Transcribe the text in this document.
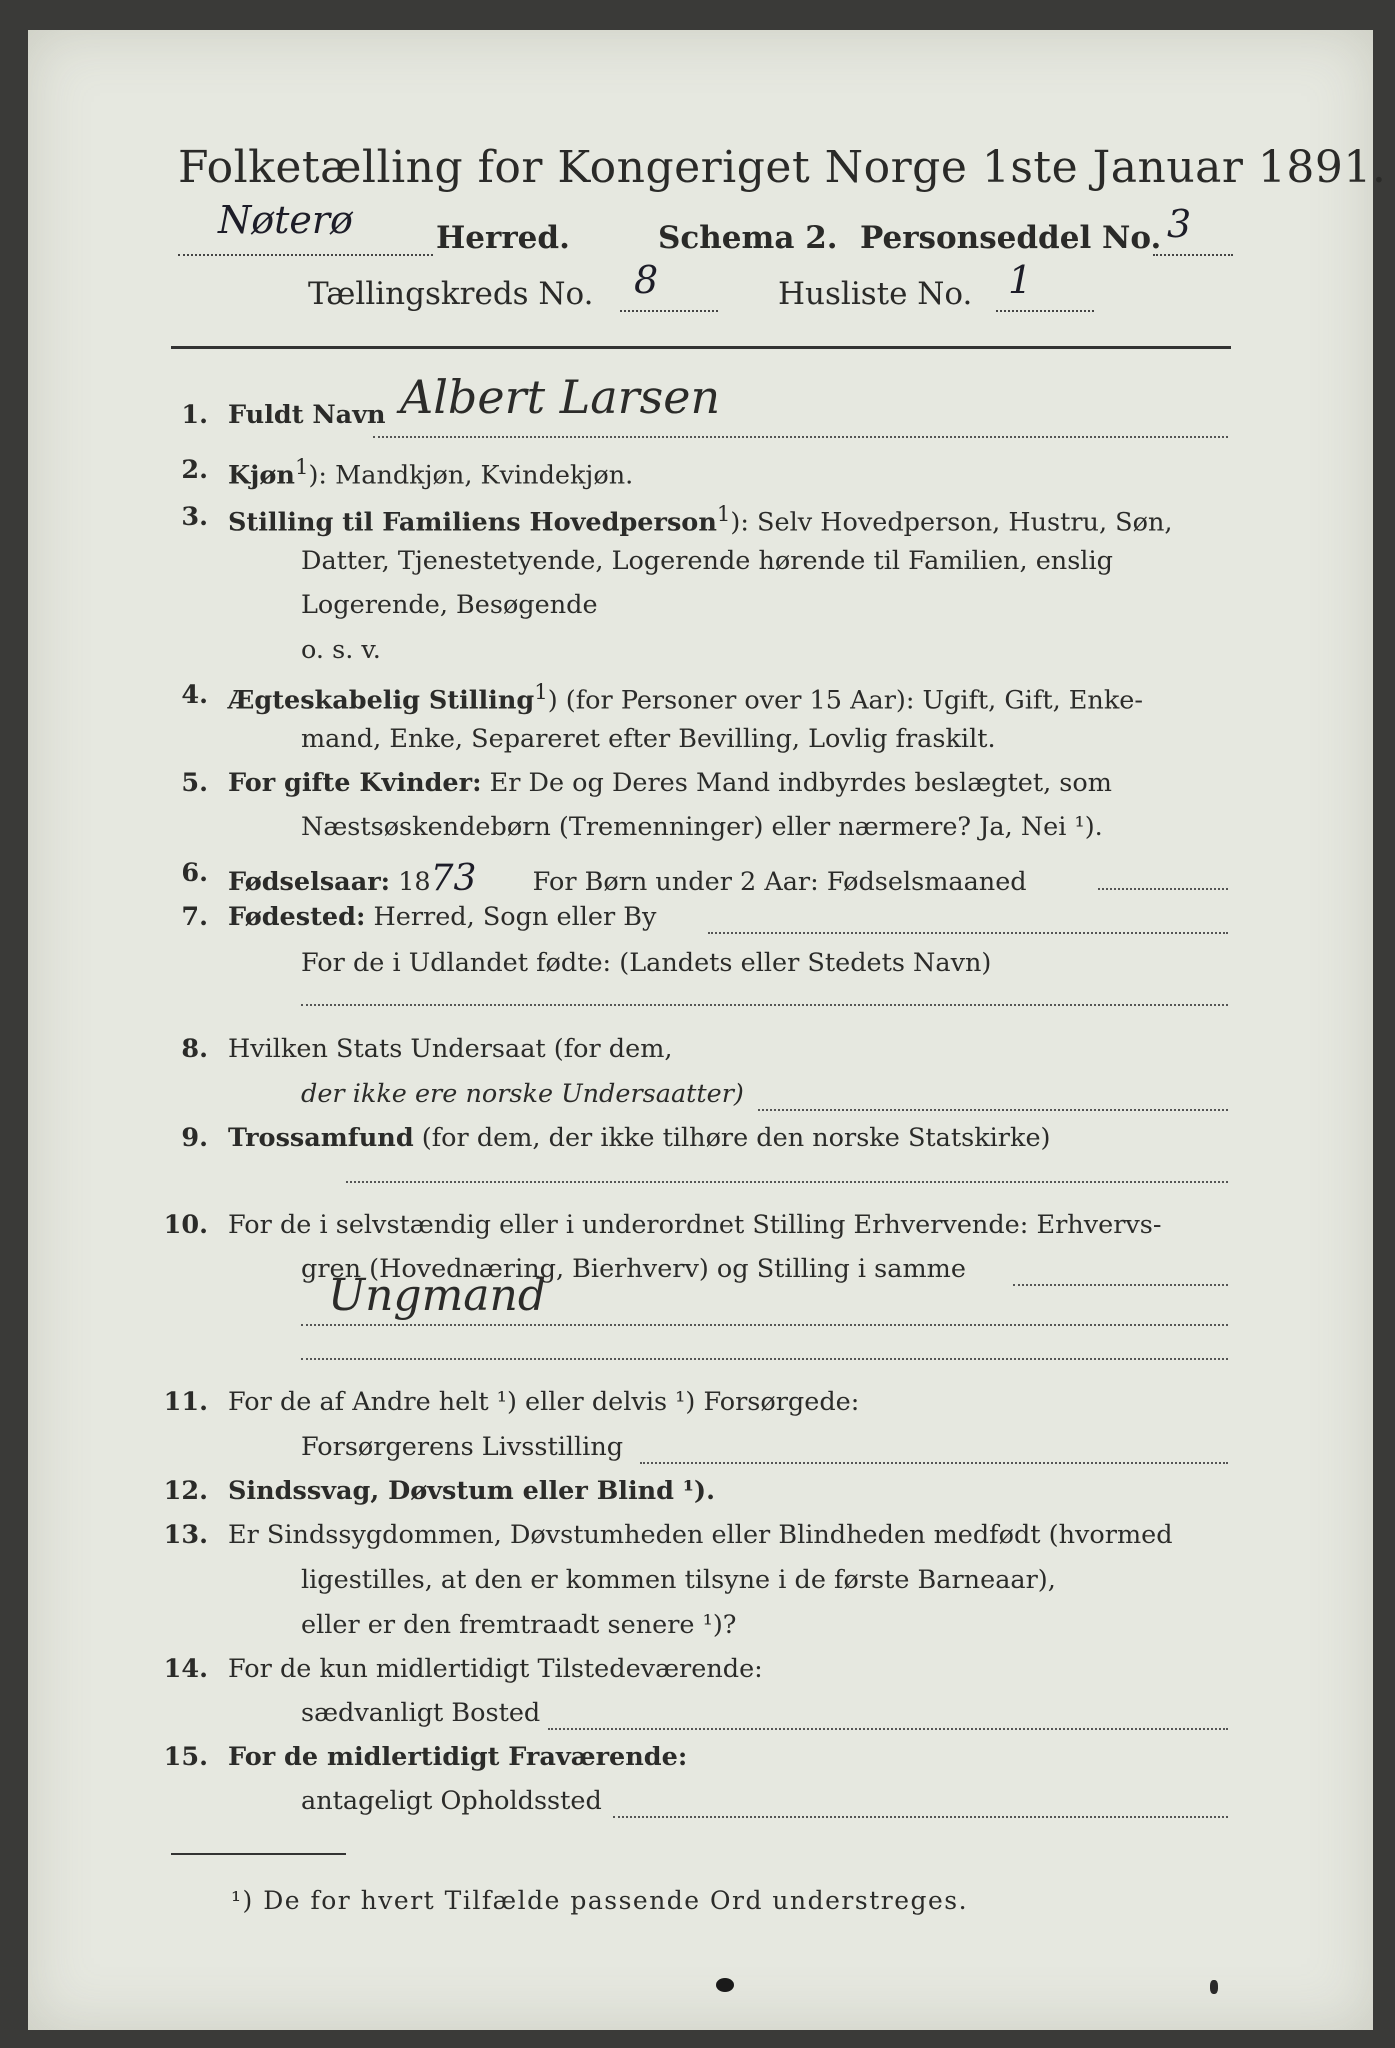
Folketælling for Kongeriget Norge 1ste Januar 1891.
Nøterø	Herred.	Schema 2. Personseddel No. 3
Tællingskreds No. 8	Husliste No. 1
1. Fuldt Navn Albert Larsen
2. Kjøn$^1$): Mandkjøn, Kvindekjøn.
3. Stilling til Familiens Hovedperson$^1$): Selv Hovedperson, Hustru, Søn,
Datter, Tjenestetyende, Logerende hørende til Familien, enslig
Logerende, Besøgende
o. s. v.
4. Ægteskabelig Stilling$^1$) (for Personer over 15 Aar): Ugift, Gift, Enke-
mand, Enke, Separeret efter Bevilling, Lovlig fraskilt.
5. For gifte Kvinder: Er De og Deres Mand indbyrdes beslægtet, som
Næstsøskendebørn (Tremenninger) eller nærmere? Ja, Nei ¹).
6. Fødselsaar: 1873 For Børn under 2 Aar: Fødselsmaaned
7. Fødested: Herred, Sogn eller By
For de i Udlandet fødte: (Landets eller Stedets Navn)
8. Hvilken Stats Undersaat (for dem,
der ikke ere norske Undersaatter)
9. Trossamfund (for dem, der ikke tilhøre den norske Statskirke)
10. For de i selvstændig eller i underordnet Stilling Erhvervende: Erhvervs-
gren (Hovednæring, Bierhverv) og Stilling i samme
Ungmand
11. For de af Andre helt ¹) eller delvis ¹) Forsørgede:
Forsørgerens Livsstilling
12. Sindssvag, Døvstum eller Blind ¹).
13. Er Sindssygdommen, Døvstumheden eller Blindheden medfødt (hvormed
ligestilles, at den er kommen tilsyne i de første Barneaar),
eller er den fremtraadt senere ¹)?
14. For de kun midlertidigt Tilstedeværende:
sædvanligt Bosted
15. For de midlertidigt Fraværende:
antageligt Opholdssted
¹) De for hvert Tilfælde passende Ord understreges.
